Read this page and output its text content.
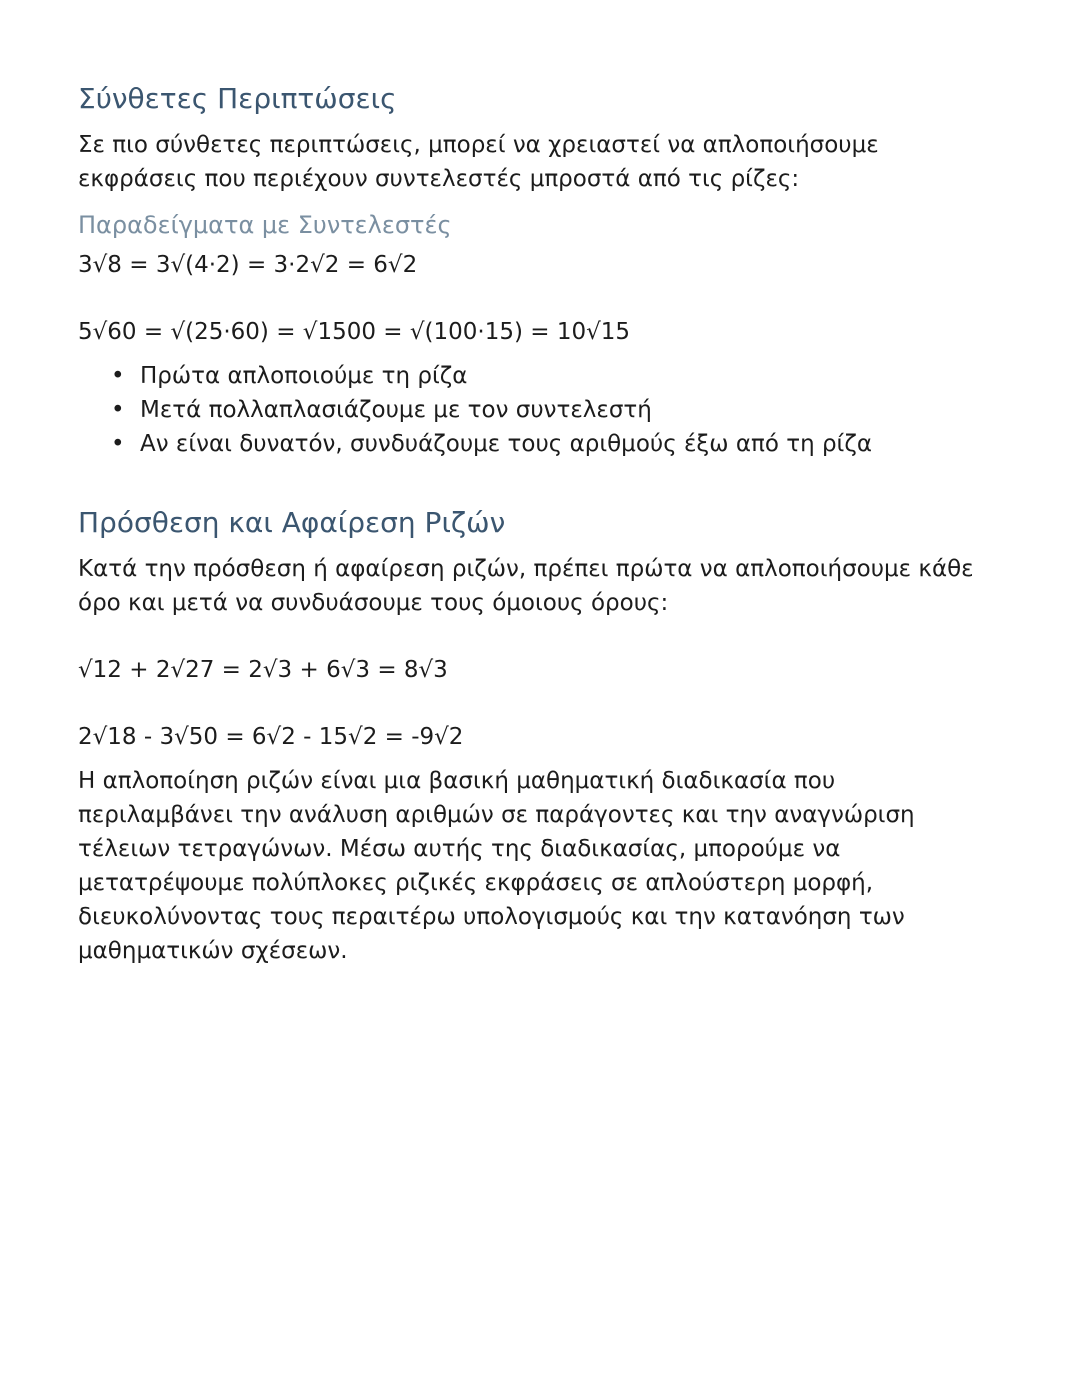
Σύνθετες Περιπτώσεις

Σε πιο σύνθετες περιπτώσεις, μπορεί να χρειαστεί να απλοποιήσουμε

εκφράσεις που περιέχουν συντελεστές μπροστά από τις ρίζες:

Παραδείγματα με Συντελεστές

3√8 = 3√(4·2) = 3·2√2 = 6√2

5√60 = √(25·60) = √1500 = √(100·15) = 10√15

• Πρώτα απλοποιούμε τη ρίζα
• Μετά πολλαπλασιάζουμε με τον συντελεστή
• Αν είναι δυνατόν, συνδυάζουμε τους αριθμούς έξω από τη ρίζα
Πρόσθεση και Αφαίρεση Ριζών

Κατά την πρόσθεση ή αφαίρεση ριζών, πρέπει πρώτα να απλοποιήσουμε κάθε

όρο και μετά να συνδυάσουμε τους όμοιους όρους:

√12 + 2√27 = 2√3 + 6√3 = 8√3

2√18 - 3√50 = 6√2 - 15√2 = -9√2

Η απλοποίηση ριζών είναι μια βασική μαθηματική διαδικασία που

περιλαμβάνει την ανάλυση αριθμών σε παράγοντες και την αναγνώριση

τέλειων τετραγώνων. Μέσω αυτής της διαδικασίας, μπορούμε να

μετατρέψουμε πολύπλοκες ριζικές εκφράσεις σε απλούστερη μορφή,

διευκολύνοντας τους περαιτέρω υπολογισμούς και την κατανόηση των

μαθηματικών σχέσεων.
